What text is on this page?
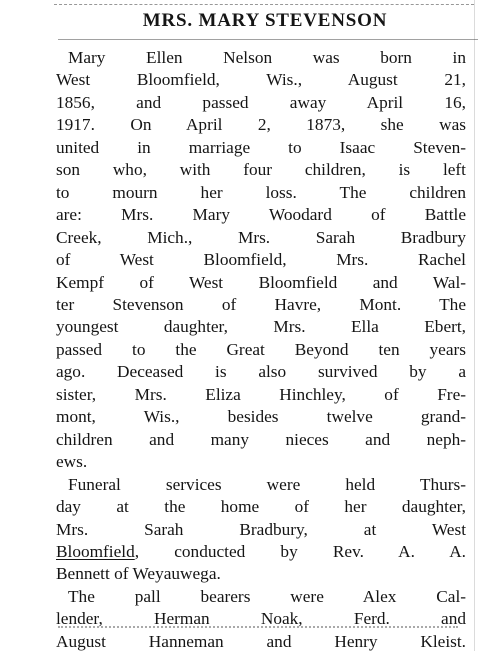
MRS. MARY STEVENSON
Mary Ellen Nelson was born in
West Bloomfield, Wis., August 21,
1856, and passed away April 16,
1917. On April 2, 1873, she was
united in marriage to Isaac Steven-
son who, with four children, is left
to mourn her loss. The children
are: Mrs. Mary Woodard of Battle
Creek, Mich., Mrs. Sarah Bradbury
of West Bloomfield, Mrs. Rachel
Kempf of West Bloomfield and Wal-
ter Stevenson of Havre, Mont. The
youngest daughter, Mrs. Ella Ebert,
passed to the Great Beyond ten years
ago. Deceased is also survived by a
sister, Mrs. Eliza Hinchley, of Fre-
mont, Wis., besides twelve grand-
children and many nieces and neph-
ews.
Funeral services were held Thurs-
day at the home of her daughter,
Mrs. Sarah Bradbury, at West
Bloomfield, conducted by Rev. A. A.
Bennett of Weyauwega.
The pall bearers were Alex Cal-
lender, Herman Noak, Ferd. and
August Hanneman and Henry Kleist.
